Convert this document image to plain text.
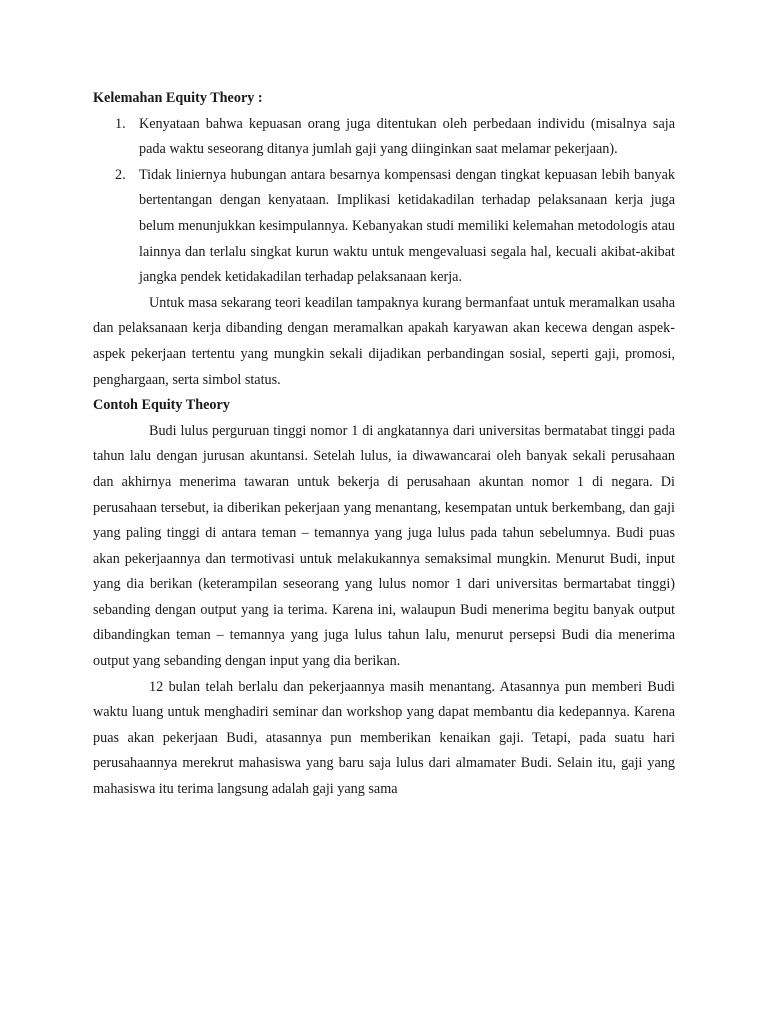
Kelemahan Equity Theory :
1. Kenyataan bahwa kepuasan orang juga ditentukan oleh perbedaan individu (misalnya saja pada waktu seseorang ditanya jumlah gaji yang diinginkan saat melamar pekerjaan).
2. Tidak liniernya hubungan antara besarnya kompensasi dengan tingkat kepuasan lebih banyak bertentangan dengan kenyataan. Implikasi ketidakadilan terhadap pelaksanaan kerja juga belum menunjukkan kesimpulannya. Kebanyakan studi memiliki kelemahan metodologis atau lainnya dan terlalu singkat kurun waktu untuk mengevaluasi segala hal, kecuali akibat-akibat jangka pendek ketidakadilan terhadap pelaksanaan kerja.

Untuk masa sekarang teori keadilan tampaknya kurang bermanfaat untuk meramalkan usaha dan pelaksanaan kerja dibanding dengan meramalkan apakah karyawan akan kecewa dengan aspek-aspek pekerjaan tertentu yang mungkin sekali dijadikan perbandingan sosial, seperti gaji, promosi, penghargaan, serta simbol status.

Contoh Equity Theory

Budi lulus perguruan tinggi nomor 1 di angkatannya dari universitas bermatabat tinggi pada tahun lalu dengan jurusan akuntansi. Setelah lulus, ia diwawancarai oleh banyak sekali perusahaan dan akhirnya menerima tawaran untuk bekerja di perusahaan akuntan nomor 1 di negara. Di perusahaan tersebut, ia diberikan pekerjaan yang menantang, kesempatan untuk berkembang, dan gaji yang paling tinggi di antara teman – temannya yang juga lulus pada tahun sebelumnya. Budi puas akan pekerjaannya dan termotivasi untuk melakukannya semaksimal mungkin. Menurut Budi, input yang dia berikan (keterampilan seseorang yang lulus nomor 1 dari universitas bermartabat tinggi) sebanding dengan output yang ia terima. Karena ini, walaupun Budi menerima begitu banyak output dibandingkan teman – temannya yang juga lulus tahun lalu, menurut persepsi Budi dia menerima output yang sebanding dengan input yang dia berikan.

12 bulan telah berlalu dan pekerjaannya masih menantang. Atasannya pun memberi Budi waktu luang untuk menghadiri seminar dan workshop yang dapat membantu dia kedepannya. Karena puas akan pekerjaan Budi, atasannya pun memberikan kenaikan gaji. Tetapi, pada suatu hari perusahaannya merekrut mahasiswa yang baru saja lulus dari almamater Budi. Selain itu, gaji yang mahasiswa itu terima langsung adalah gaji yang sama
